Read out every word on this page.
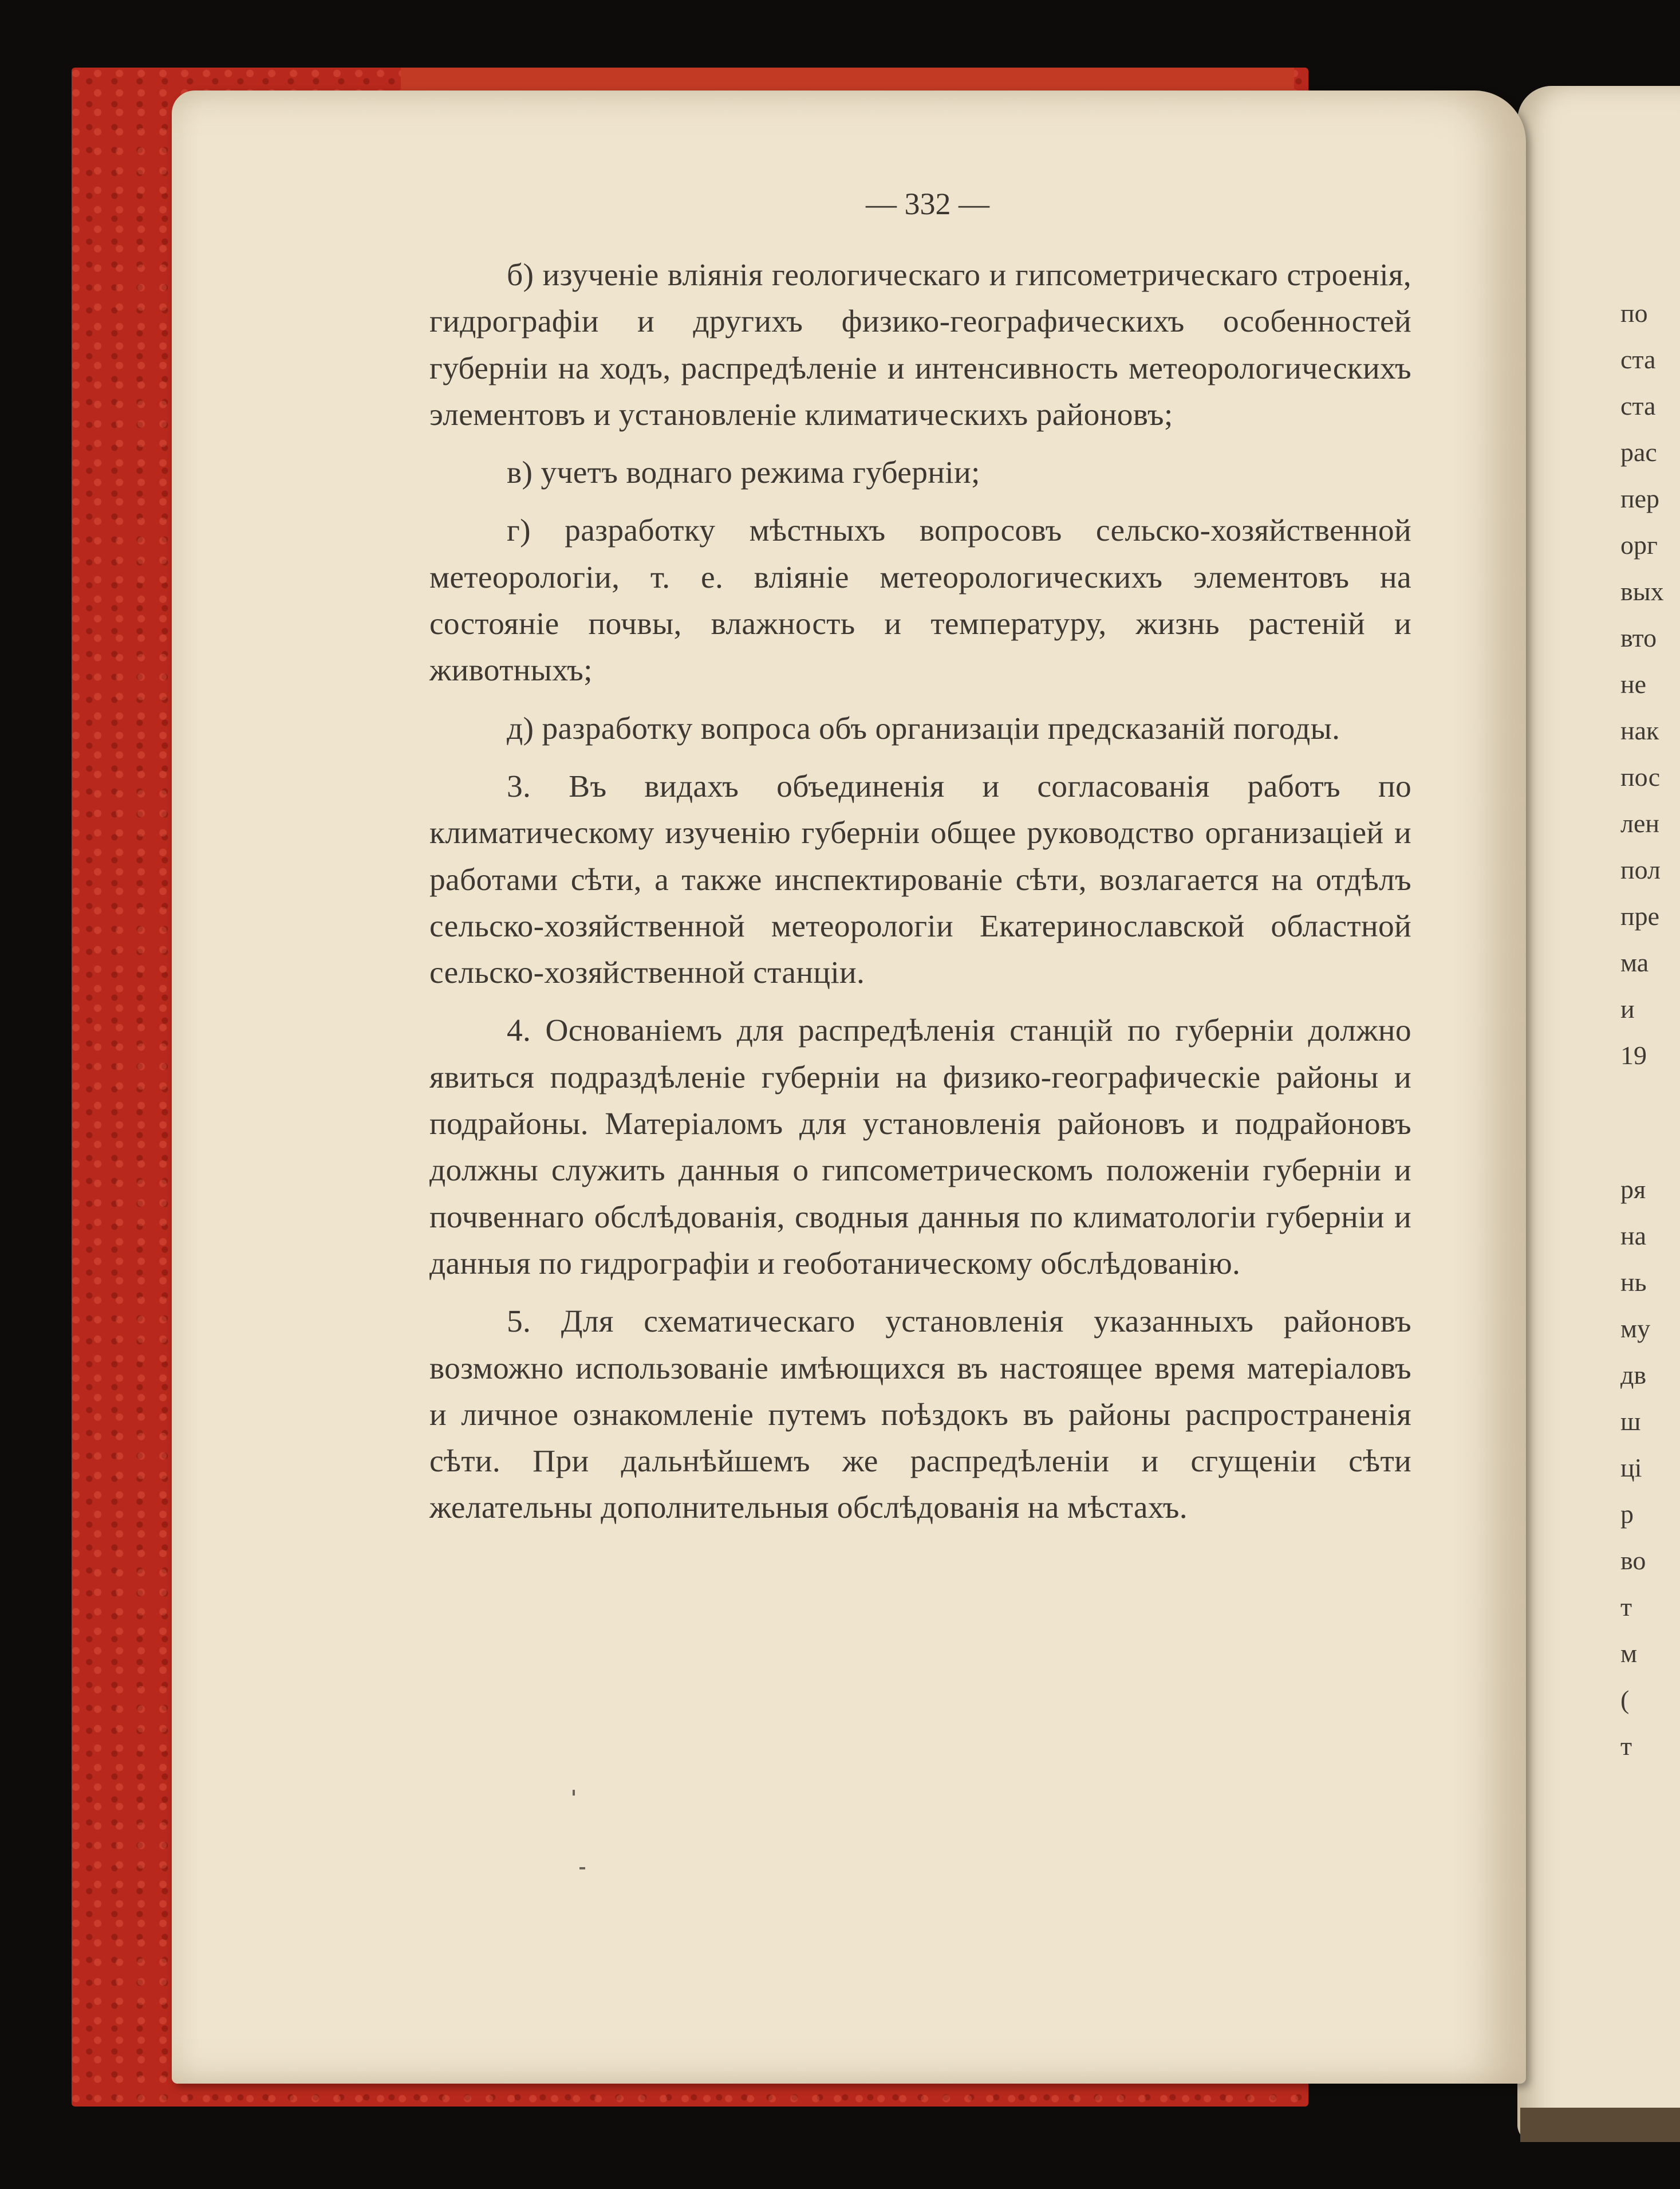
по
ста
ста
рас
пер
орг
вых
вто
не
нак
пос
лен
пол
пре
ма
и
19
ря
на
нь
му
дв
ш
ці
р
во
т
м
(
т
— 332 —

б) изученіе вліянія геологическаго и гипсометрическаго строенія, гидрографіи и другихъ физико-географическихъ особенностей губерніи на ходъ, распредѣленіе и интенсивность метеорологическихъ элементовъ и установленіе климатическихъ районовъ;

в) учетъ воднаго режима губерніи;

г) разработку мѣстныхъ вопросовъ сельско-хозяйственной метеорологіи, т. е. вліяніе метеорологическихъ элементовъ на состояніе почвы, влажность и температуру, жизнь растеній и животныхъ;

д) разработку вопроса объ организаціи предсказаній погоды.

3. Въ видахъ объединенія и согласованія работъ по климатическому изученію губерніи общее руководство организаціей и работами сѣти, а также инспектированіе сѣти, возлагается на отдѣлъ сельско-хозяйственной метеорологіи Екатеринославской областной сельско-хозяйственной станціи.

4. Основаніемъ для распредѣленія станцій по губерніи должно явиться подраздѣленіе губерніи на физико-географическіе районы и подрайоны. Матеріаломъ для установленія районовъ и подрайоновъ должны служить данныя о гипсометрическомъ положеніи губерніи и почвеннаго обслѣдованія, сводныя данныя по климатологіи губерніи и данныя по гидрографіи и геоботаническому обслѣдованію.

5. Для схематическаго установленія указанныхъ районовъ возможно использованіе имѣющихся въ настоящее время матеріаловъ и личное ознакомленіе путемъ поѣздокъ въ районы распространенія сѣти. При дальнѣйшемъ же распредѣленіи и сгущеніи сѣти желательны дополнительныя обслѣдованія на мѣстахъ.
